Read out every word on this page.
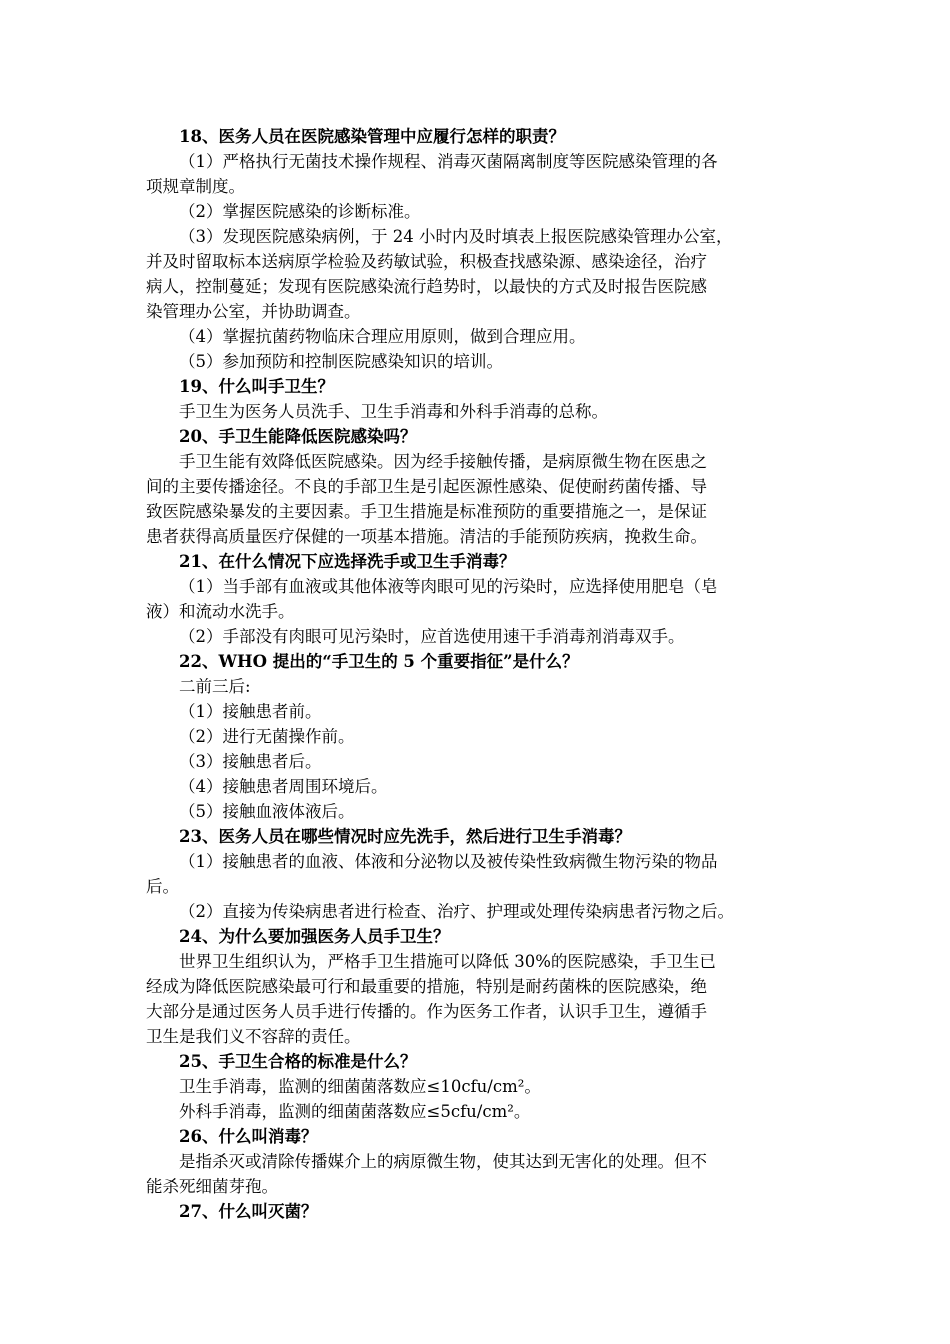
18、医务人员在医院感染管理中应履行怎样的职责？
（1）严格执行无菌技术操作规程、消毒灭菌隔离制度等医院感染管理的各
项规章制度。
（2）掌握医院感染的诊断标准。
（3）发现医院感染病例，于 24 小时内及时填表上报医院感染管理办公室，
并及时留取标本送病原学检验及药敏试验，积极查找感染源、感染途径，治疗
病人，控制蔓延；发现有医院感染流行趋势时，以最快的方式及时报告医院感
染管理办公室，并协助调查。
（4）掌握抗菌药物临床合理应用原则，做到合理应用。
（5）参加预防和控制医院感染知识的培训。
19、什么叫手卫生？
手卫生为医务人员洗手、卫生手消毒和外科手消毒的总称。
20、手卫生能降低医院感染吗？
手卫生能有效降低医院感染。因为经手接触传播，是病原微生物在医患之
间的主要传播途径。不良的手部卫生是引起医源性感染、促使耐药菌传播、导
致医院感染暴发的主要因素。手卫生措施是标准预防的重要措施之一，是保证
患者获得高质量医疗保健的一项基本措施。清洁的手能预防疾病，挽救生命。
21、在什么情况下应选择洗手或卫生手消毒？
（1）当手部有血液或其他体液等肉眼可见的污染时，应选择使用肥皂（皂
液）和流动水洗手。
（2）手部没有肉眼可见污染时，应首选使用速干手消毒剂消毒双手。
22、WHO 提出的“手卫生的 5 个重要指征”是什么？
二前三后:
（1）接触患者前。
（2）进行无菌操作前。
（3）接触患者后。
（4）接触患者周围环境后。
（5）接触血液体液后。
23、医务人员在哪些情况时应先洗手，然后进行卫生手消毒？
（1）接触患者的血液、体液和分泌物以及被传染性致病微生物污染的物品
后。
（2）直接为传染病患者进行检查、治疗、护理或处理传染病患者污物之后。
24、为什么要加强医务人员手卫生？
世界卫生组织认为，严格手卫生措施可以降低 30%的医院感染，手卫生已
经成为降低医院感染最可行和最重要的措施，特别是耐药菌株的医院感染，绝
大部分是通过医务人员手进行传播的。作为医务工作者，认识手卫生，遵循手
卫生是我们义不容辞的责任。
25、手卫生合格的标准是什么？
卫生手消毒，监测的细菌菌落数应≤10cfu/cm²。
外科手消毒，监测的细菌菌落数应≤5cfu/cm²。
26、什么叫消毒？
是指杀灭或清除传播媒介上的病原微生物，使其达到无害化的处理。但不
能杀死细菌芽孢。
27、什么叫灭菌？
